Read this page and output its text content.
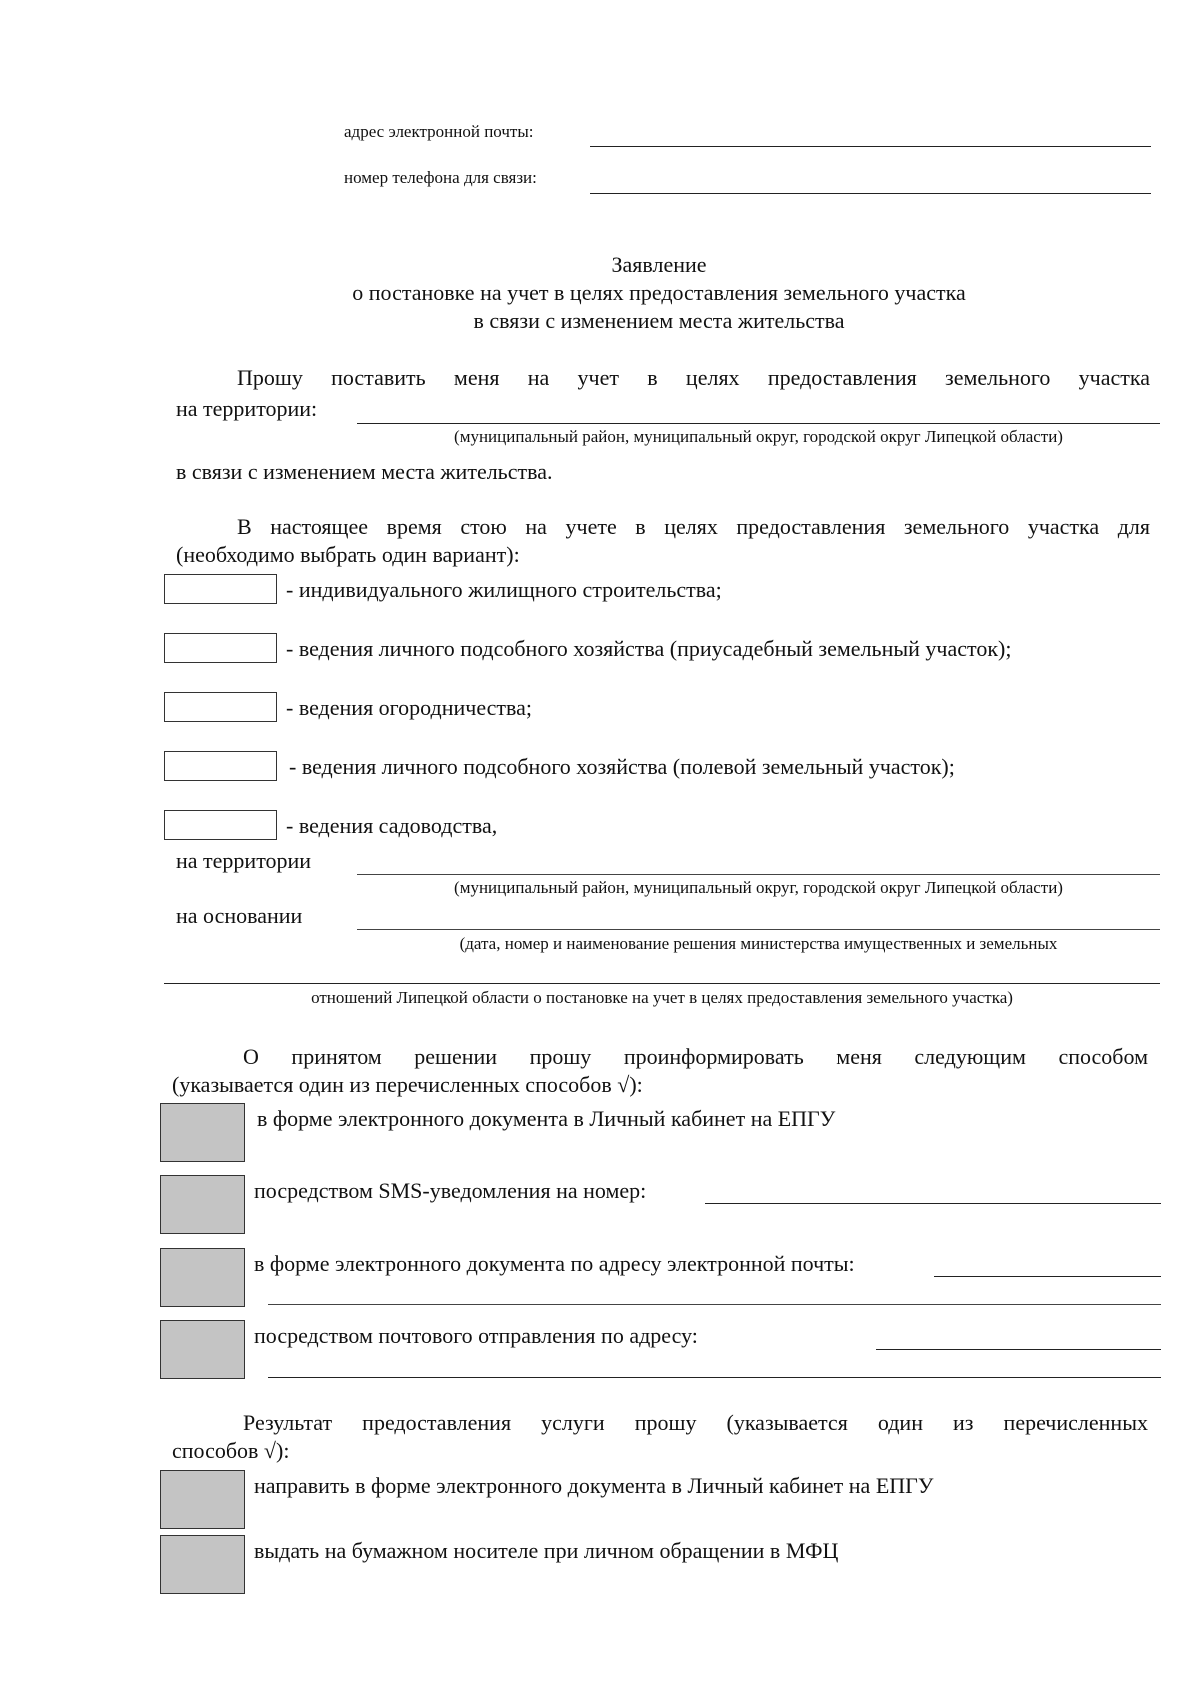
адрес электронной почты:
номер телефона для связи:
Заявление
о постановке на учет в целях предоставления земельного участка
в связи с изменением места жительства
Прошу поставить меня на учет в целях предоставления земельного участка
на территории:
(муниципальный район, муниципальный округ, городской округ Липецкой области)
в связи с изменением места жительства.
В настоящее время стою на учете в целях предоставления земельного участка для
(необходимо выбрать один вариант):
- индивидуального жилищного строительства;
- ведения личного подсобного хозяйства (приусадебный земельный участок);
- ведения огородничества;
- ведения личного подсобного хозяйства (полевой земельный участок);
- ведения садоводства,
на территории
(муниципальный район, муниципальный округ, городской округ Липецкой области)
на основании
(дата, номер и наименование решения министерства имущественных и земельных
отношений Липецкой области о постановке на учет в целях предоставления земельного участка)
О принятом решении прошу проинформировать меня следующим способом
(указывается один из перечисленных способов √):
в форме электронного документа в Личный кабинет на ЕПГУ
посредством SMS-уведомления на номер:
в форме электронного документа по адресу электронной почты:
посредством почтового отправления по адресу:
Результат предоставления услуги прошу (указывается один из перечисленных
способов √):
направить в форме электронного документа в Личный кабинет на ЕПГУ
выдать на бумажном носителе при личном обращении в МФЦ
